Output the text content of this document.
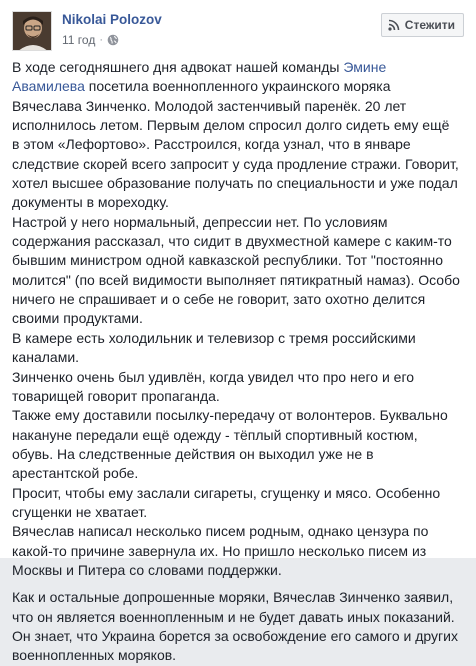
Nikolai Polozov
11 год ·
Стежити

В ходе сегодняшнего дня адвокат нашей команды Эмине Авамилева посетила военнопленного украинского моряка Вячеслава Зинченко. Молодой застенчивый паренёк. 20 лет исполнилось летом. Первым делом спросил долго сидеть ему ещё в этом «Лефортово». Расстроился, когда узнал, что в январе следствие скорей всего запросит у суда продление стражи. Говорит, хотел высшее образование получать по специальности и уже подал документы в мореходку.

Настрой у него нормальный, депрессии нет. По условиям содержания рассказал, что сидит в двухместной камере с каким-то бывшим министром одной кавказской республики. Тот "постоянно молится" (по всей видимости выполняет пятикратный намаз). Особо ничего не спрашивает и о себе не говорит, зато охотно делится своими продуктами.

В камере есть холодильник и телевизор с тремя российскими каналами.

Зинченко очень был удивлён, когда увидел что про него и его товарищей говорит пропаганда.

Также ему доставили посылку-передачу от волонтеров. Буквально накануне передали ещё одежду - тёплый спортивный костюм, обувь. На следственные действия он выходил уже не в арестантской робе.

Просит, чтобы ему заслали сигареты, сгущенку и мясо. Особенно сгущенки не хватает.

Вячеслав написал несколько писем родным, однако цензура по какой-то причине завернула их. Но пришло несколько писем из Москвы и Питера со словами поддержки.

Как и остальные допрошенные моряки, Вячеслав Зинченко заявил, что он является военнопленным и не будет давать иных показаний.

Он знает, что Украина борется за освобождение его самого и других военнопленных моряков.
